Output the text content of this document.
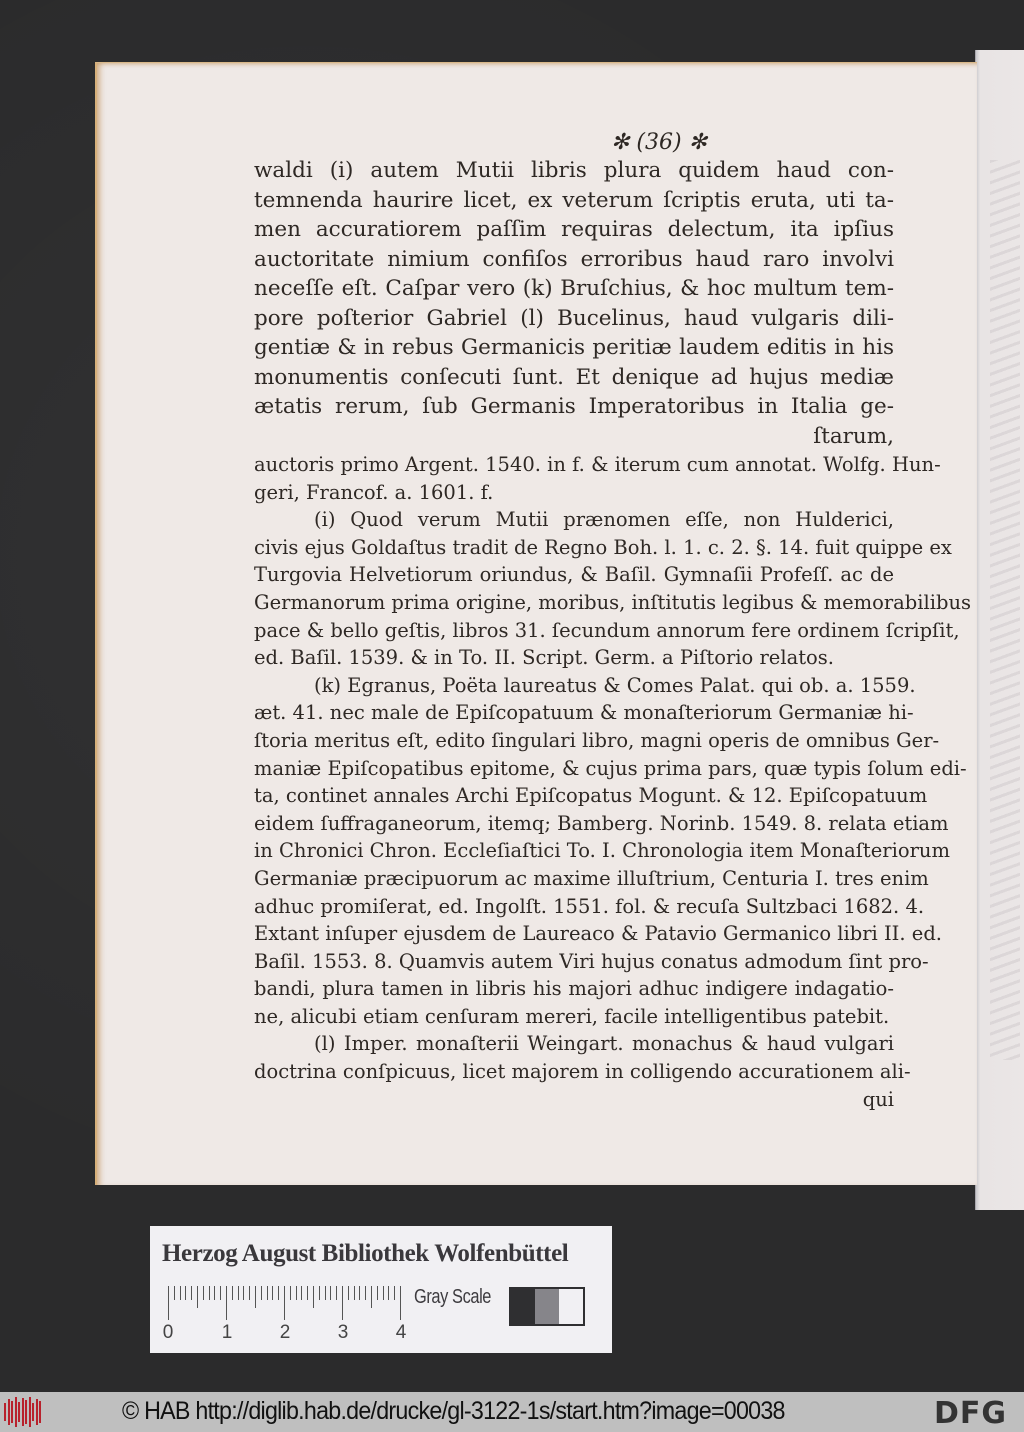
✻ (36) ✻

waldi (i) autem Mutii libris plura quidem haud con-

temnenda haurire licet, ex veterum ſcriptis eruta, uti ta-

men accuratiorem paſſim requiras delectum, ita ipſius

auctoritate nimium confiſos erroribus haud raro involvi

neceſſe eſt. Caſpar vero (k) Bruſchius, & hoc multum tem-

pore poſterior Gabriel (l) Bucelinus, haud vulgaris dili-

gentiæ & in rebus Germanicis peritiæ laudem editis in his

monumentis conſecuti ſunt. Et denique ad hujus mediæ

ætatis rerum, ſub Germanis Imperatoribus in Italia ge-

ſtarum,

auctoris primo Argent. 1540. in f. & iterum cum annotat. Wolfg. Hun-

geri, Francof. a. 1601. f.

(i) Quod verum Mutii prænomen eſſe, non Hulderici,

civis ejus Goldaſtus tradit de Regno Boh. l. 1. c. 2. §. 14. fuit quippe ex

Turgovia Helvetiorum oriundus, & Baſil. Gymnaſii Profeſſ. ac de

Germanorum prima origine, moribus, inſtitutis legibus & memorabilibus

pace & bello geſtis, libros 31. ſecundum annorum fere ordinem ſcripſit,

ed. Baſil. 1539. & in To. II. Script. Germ. a Piſtorio relatos.

(k) Egranus, Poëta laureatus & Comes Palat. qui ob. a. 1559.

æt. 41. nec male de Epiſcopatuum & monaſteriorum Germaniæ hi-

ſtoria meritus eſt, edito ſingulari libro, magni operis de omnibus Ger-

maniæ Epiſcopatibus epitome, & cujus prima pars, quæ typis ſolum edi-

ta, continet annales Archi Epiſcopatus Mogunt. & 12. Epiſcopatuum

eidem ſuffraganeorum, itemq; Bamberg. Norinb. 1549. 8. relata etiam

in Chronici Chron. Eccleſiaſtici To. I. Chronologia item Monaſteriorum

Germaniæ præcipuorum ac maxime illuſtrium, Centuria I. tres enim

adhuc promiſerat, ed. Ingolſt. 1551. fol. & recuſa Sultzbaci 1682. 4.

Extant inſuper ejusdem de Laureaco & Patavio Germanico libri II. ed.

Baſil. 1553. 8. Quamvis autem Viri hujus conatus admodum ſint pro-

bandi, plura tamen in libris his majori adhuc indigere indagatio-

ne, alicubi etiam cenſuram mereri, facile intelligentibus patebit.

(l) Imper. monaſterii Weingart. monachus & haud vulgari

doctrina conſpicuus, licet majorem in colligendo accurationem ali-

qui

Herzog August Bibliothek Wolfenbüttel
0	1 2 3 4
Gray Scale
© HAB http://diglib.hab.de/drucke/gl-3122-1s/start.htm?image=00038	DFG
